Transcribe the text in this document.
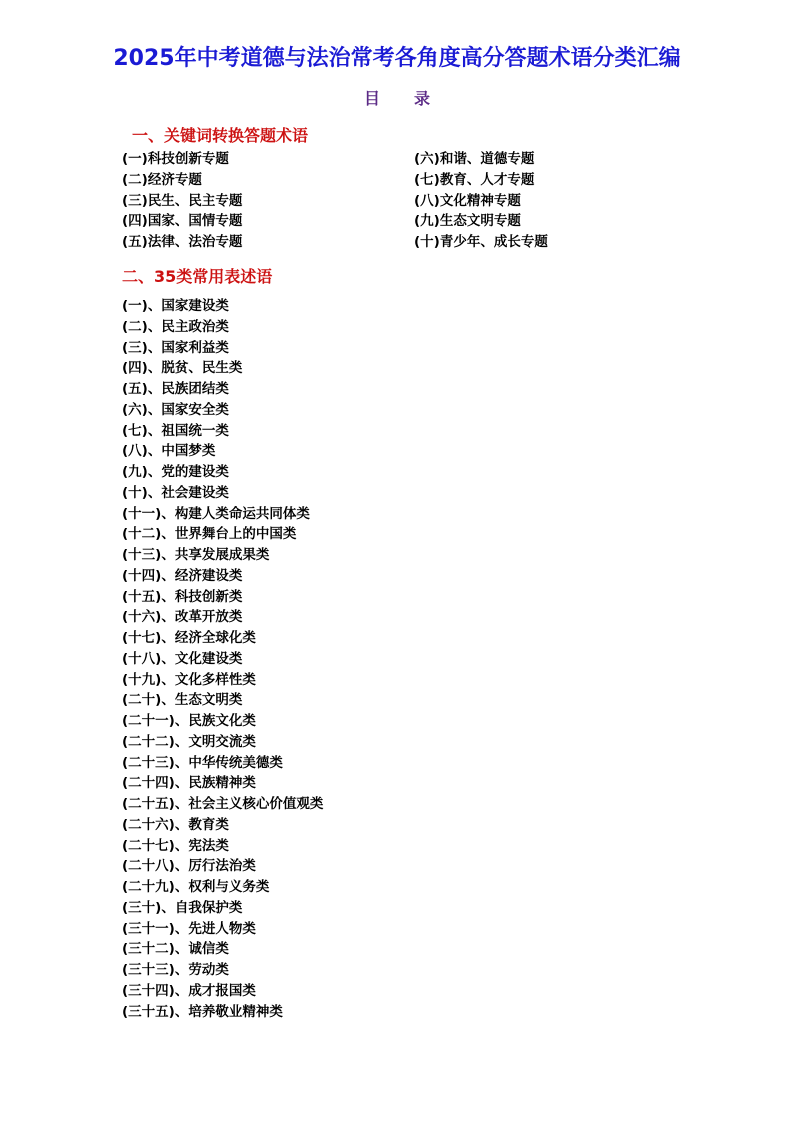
2025年中考道德与法治常考各角度高分答题术语分类汇编
目 录
一、关键词转换答题术语
(一)科技创新专题
(二)经济专题
(三)民生、民主专题
(四)国家、国情专题
(五)法律、法治专题
(六)和谐、道德专题
(七)教育、人才专题
(八)文化精神专题
(九)生态文明专题
(十)青少年、成长专题
二、35类常用表述语
(一)、国家建设类
(二)、民主政治类
(三)、国家利益类
(四)、脱贫、民生类
(五)、民族团结类
(六)、国家安全类
(七)、祖国统一类
(八)、中国梦类
(九)、党的建设类
(十)、社会建设类
(十一)、构建人类命运共同体类
(十二)、世界舞台上的中国类
(十三)、共享发展成果类
(十四)、经济建设类
(十五)、科技创新类
(十六)、改革开放类
(十七)、经济全球化类
(十八)、文化建设类
(十九)、文化多样性类
(二十)、生态文明类
(二十一)、民族文化类
(二十二)、文明交流类
(二十三)、中华传统美德类
(二十四)、民族精神类
(二十五)、社会主义核心价值观类
(二十六)、教育类
(二十七)、宪法类
(二十八)、厉行法治类
(二十九)、权利与义务类
(三十)、自我保护类
(三十一)、先进人物类
(三十二)、诚信类
(三十三)、劳动类
(三十四)、成才报国类
(三十五)、培养敬业精神类
